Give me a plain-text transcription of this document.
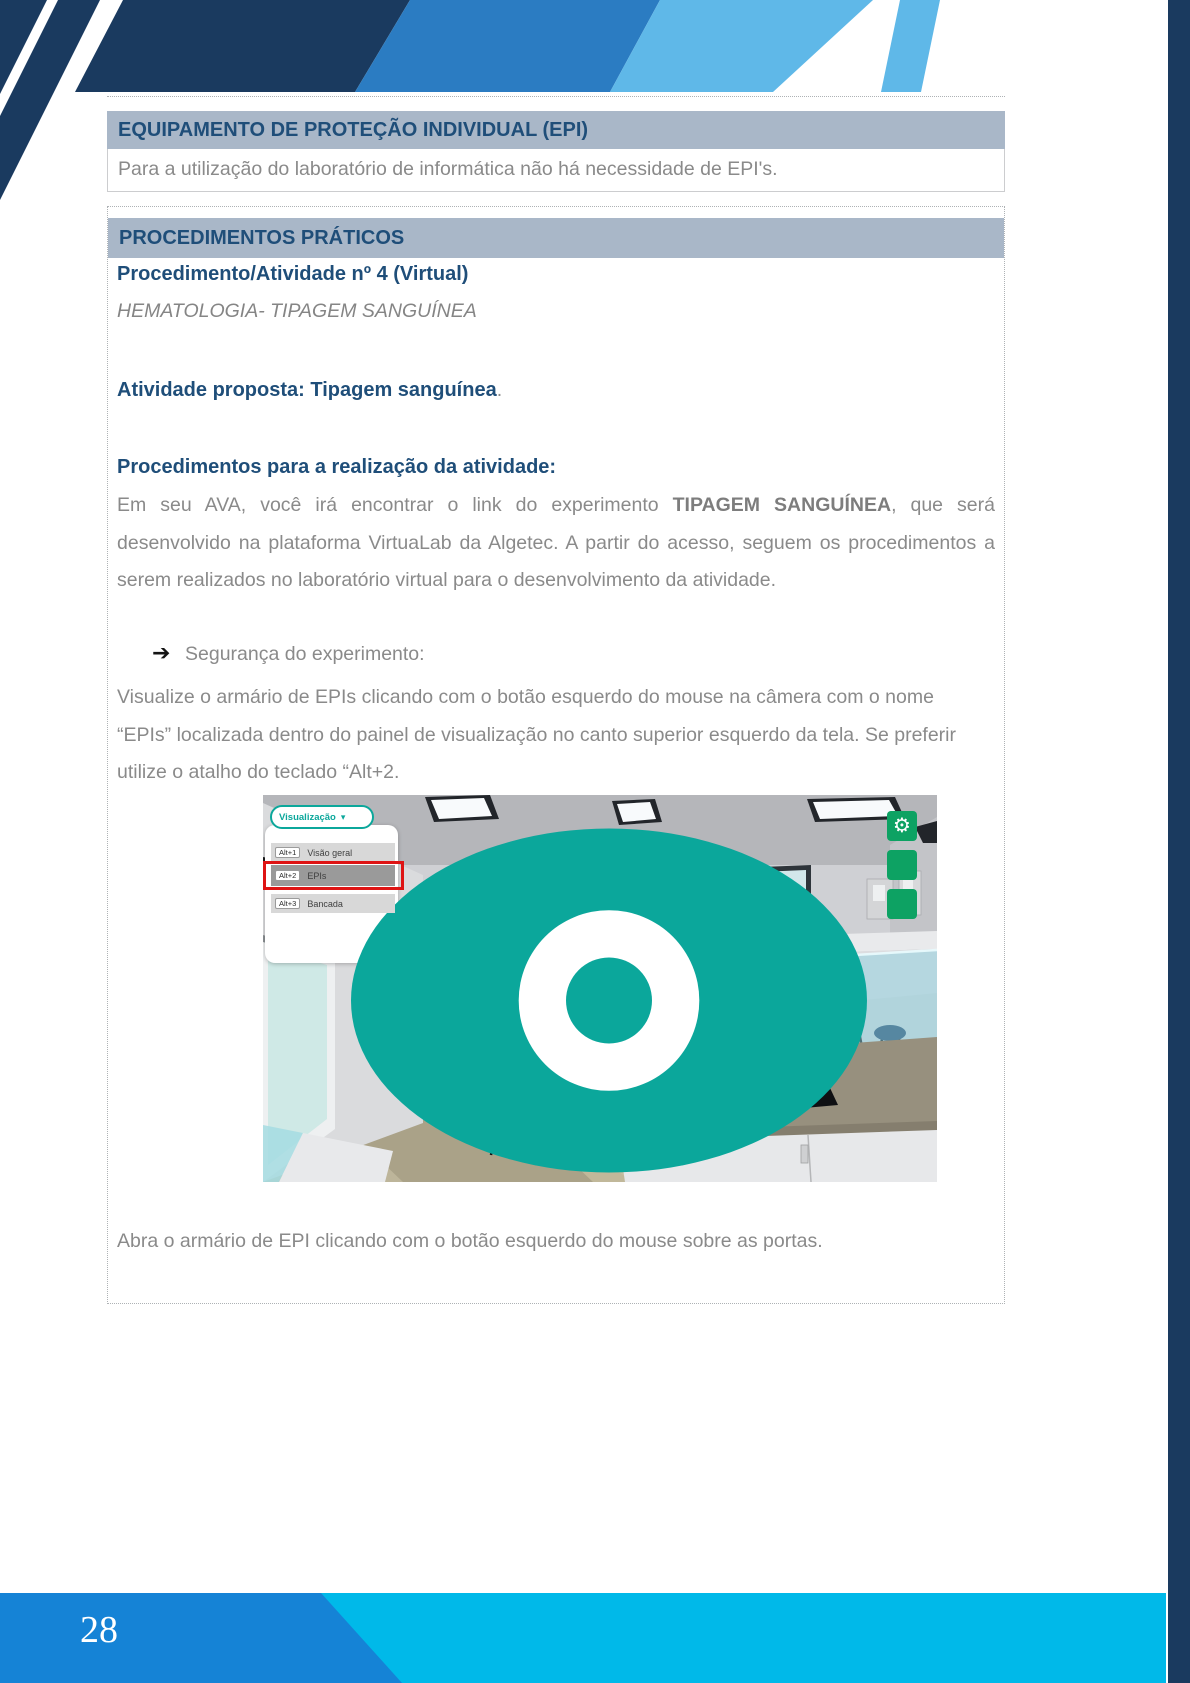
EQUIPAMENTO DE PROTEÇÃO INDIVIDUAL (EPI)
Para a utilização do laboratório de informática não há necessidade de EPI's.
PROCEDIMENTOS PRÁTICOS
Procedimento/Atividade nº 4 (Virtual)
HEMATOLOGIA- TIPAGEM SANGUÍNEA
Atividade proposta: Tipagem sanguínea.
Procedimentos para a realização da atividade:
Em seu AVA, você irá encontrar o link do experimento TIPAGEM SANGUÍNEA, que será desenvolvido na plataforma VirtuaLab da Algetec. A partir do acesso, seguem os procedimentos a serem realizados no laboratório virtual para o desenvolvimento da atividade.
➔ Segurança do experimento:
Visualize o armário de EPIs clicando com o botão esquerdo do mouse na câmera com o nome “EPIs” localizada dentro do painel de visualização no canto superior esquerdo da tela. Se preferir utilize o atalho do teclado “Alt+2.
Visualização ▾
Alt+1	Visão geral
Alt+2	EPIs
Alt+3	Bancada
⚙
Abra o armário de EPI clicando com o botão esquerdo do mouse sobre as portas.
28
